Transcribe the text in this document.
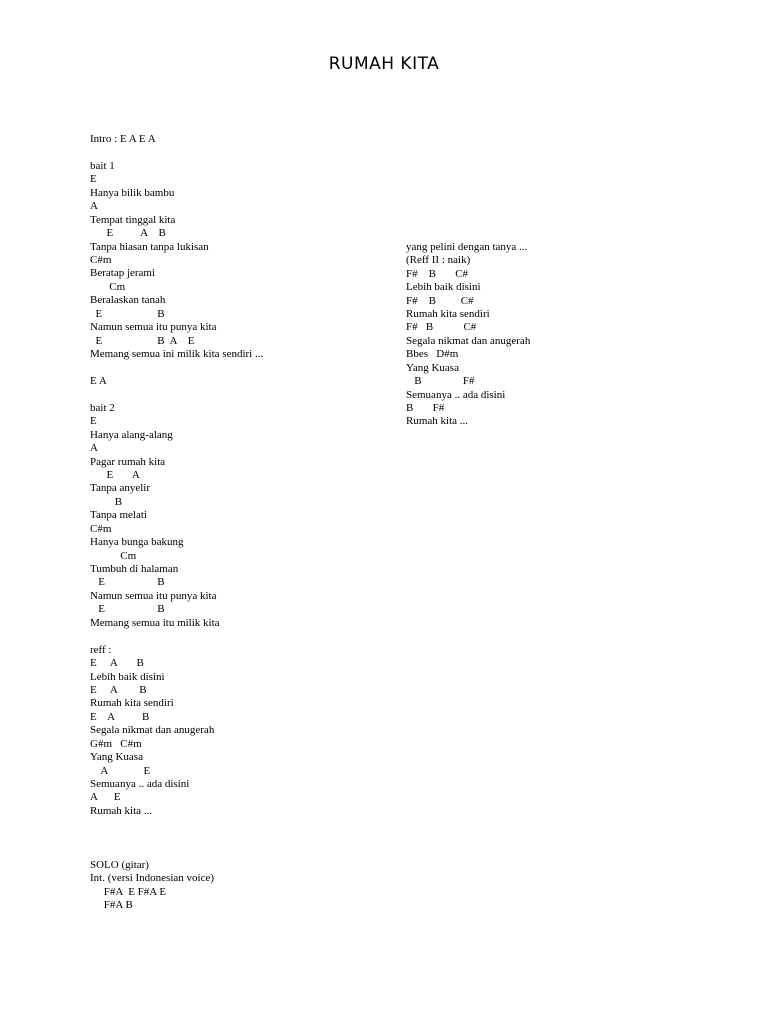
RUMAH KITA
Intro : E A E A
bait 1
E
Hanya bilik bambu
A
Tempat tinggal kita
E          A    B
Tanpa hiasan tanpa lukisan
C#m
Beratap jerami
Cm
Beralaskan tanah
E                    B
Namun semua itu punya kita
E                    B  A    E
Memang semua ini milik kita sendiri ...
E A
bait 2
E
Hanya alang-alang
A
Pagar rumah kita
E       A
Tanpa anyelir
B
Tanpa melati
C#m
Hanya bunga bakung
Cm
Tumbuh di halaman
E                   B
Namun semua itu punya kita
E                   B
Memang semua itu milik kita
reff :
E     A       B
Lebih baik disini
E     A        B
Rumah kita sendiri
E    A          B
Segala nikmat dan anugerah
G#m   C#m
Yang Kuasa
A             E
Semuanya .. ada disini
A      E
Rumah kita ...
SOLO (gitar)
Int. (versi Indonesian voice)
F#A  E F#A E
F#A B

yang pelini dengan tanya ...

(Reff II : naik)
F#    B       C#
Lebih baik disini
F#    B         C#
Rumah kita sendiri
F#   B           C#
Segala nikmat dan anugerah
Bbes   D#m
Yang Kuasa
B               F#
Semuanya .. ada disini
B       F#
Rumah kita ...
